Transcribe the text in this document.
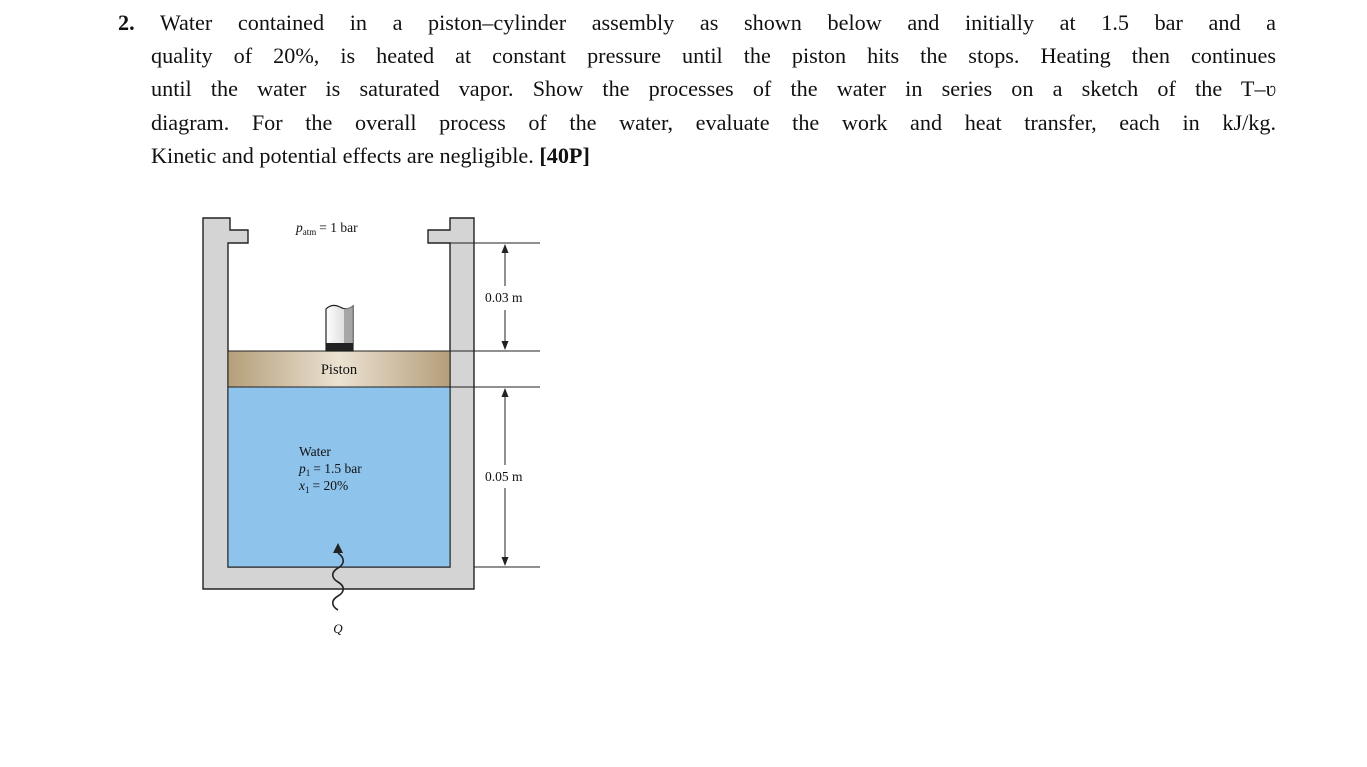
2. Water contained in a piston–cylinder assembly as shown below and initially at 1.5 bar and a
quality of 20%, is heated at constant pressure until the piston hits the stops. Heating then continues
until the water is saturated vapor. Show the processes of the water in series on a sketch of the T–ʋ
diagram. For the overall process of the water, evaluate the work and heat transfer, each in kJ/kg.
Kinetic and potential effects are negligible. [40P]
$p_{atm} = 1$ bar
Piston
Water
$p_1 = 1.5$ bar
$x_1 = 20\%$
0.03 m
0.05 m
Q
